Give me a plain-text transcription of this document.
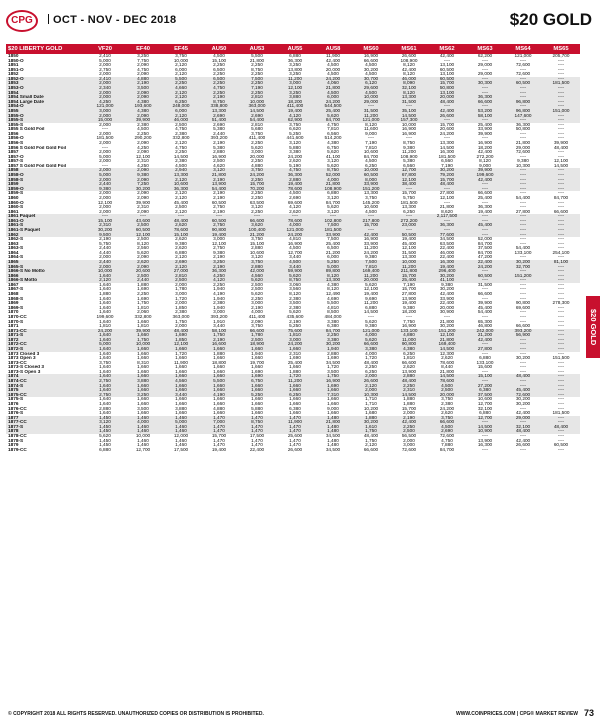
CPG	OCT - NOV - DEC 2018	$20 GOLD
$20 LIBERTY GOLD	VF20	EF40	EF45	AU50	AU53	AU55	AU58	MS60	MS61	MS62	MS63	MS64	MS65
1850	2,410	3,250	3,750	4,500	5,500	6,880	11,900	16,900	26,600	42,400	62,200	121,000	205,700
1850-O	5,000	7,750	10,000	15,100	21,800	36,300	42,400	66,600	108,900	----	----	----	----
1851	2,000	2,090	2,120	2,250	2,250	3,250	4,500	4,500	8,120	13,100	29,000	72,600	----
1851-O	2,750	4,750	6,000	6,500	8,750	13,800	20,000	30,200	42,400	60,500	----	----	----
1852	2,000	2,090	2,120	2,250	2,250	3,250	4,500	4,500	8,120	13,100	29,000	72,600	----
1852-O	2,410	4,880	5,500	6,500	7,500	11,200	24,200	30,700	46,000	60,500	----	----	----
1853	2,000	2,190	2,250	2,250	2,250	3,000	4,060	6,120	8,090	15,700	30,300	60,500	181,500
1853-O	2,340	3,500	4,660	4,750	7,190	12,100	21,800	29,600	32,100	50,800	----	----	----
1854	2,000	2,090	2,120	2,250	2,250	3,250	4,500	4,500	8,120	13,100	----	----	----
1854 Small Date	2,000	2,090	2,120	2,190	2,810	3,880	6,000	10,000	13,300	20,000	36,300	----	----
1854 Large Date	4,250	4,380	6,250	8,750	10,000	18,200	24,200	29,000	31,500	48,400	66,600	96,800	----
1854-O	121,000	193,600	248,000	338,800	363,000	411,400	544,500	----	----	----	----	----	----
1855	3,000	4,380	6,000	13,300	14,500	19,400	25,400	31,500	35,100	42,400	53,200	96,800	151,000
1855-O	2,000	2,090	2,120	2,690	2,690	4,120	5,620	11,200	14,500	26,600	58,100	147,600	----
1855-S	15,000	39,900	46,000	51,400	54,400	62,900	84,700	121,000	157,300	----	----	----	----
1855-S	2,000	2,380	2,500	2,690	2,810	3,750	4,750	8,120	10,000	15,700	25,400	36,300	----
1855 S Gold Foil	----	4,500	4,750	5,380	5,680	6,620	7,810	11,600	16,900	20,600	33,900	50,800	----
1856	2,000	2,250	2,380	2,440	3,750	5,250	6,560	9,000	16,900	24,200	39,900	----	----
1856-O	181,500	290,200	332,800	393,200	411,400	441,600	514,200	----	----	----	----	----	----
1856-S	2,000	2,090	2,120	2,190	2,250	3,120	4,380	7,190	8,750	13,300	16,900	21,800	39,900
1856 S Gold Foil Gold Foil	----	4,250	4,750	5,380	5,620	5,880	6,750	7,810	9,380	14,500	18,200	29,000	48,400
1857	2,000	2,090	2,250	2,880	3,000	3,380	5,620	10,600	11,200	16,300	42,400	72,600	----
1857-O	5,000	12,100	14,500	16,900	20,000	24,200	41,100	84,700	108,900	181,500	272,200	----	----
1857-S	2,000	2,310	2,380	2,500	2,250	2,620	3,120	4,500	5,380	6,560	8,120	9,380	12,100
1857 S Gold Foil Gold Foil	----	4,250	4,500	4,620	4,880	5,190	5,620	6,250	6,560	7,190	9,000	10,300	14,500
1858	2,000	2,090	2,940	3,120	3,750	4,750	8,750	10,000	12,700	30,200	39,900	----	----
1858-O	5,000	9,380	13,300	21,800	24,200	36,300	52,000	60,500	67,800	79,200	199,600	----	----
1858-S	2,000	2,090	2,120	2,190	2,250	2,880	4,000	8,000	12,100	15,700	42,400	----	----
1859	2,440	7,250	10,600	13,900	15,700	19,400	21,800	33,900	38,400	48,400	----	----	----
1859-O	9,380	30,200	36,300	54,400	70,200	78,600	108,900	151,200	----	----	----	----	----
1859-S	2,000	2,090	2,120	2,190	2,250	4,500	6,880	13,300	15,700	27,800	66,600	----	----
1860	2,000	2,090	2,120	2,190	2,250	2,690	3,120	3,750	5,750	12,100	25,400	54,400	84,700
1860-O	12,100	39,900	45,400	60,500	63,500	69,600	84,700	145,200	181,500	----	----	----	----
1860-S	2,000	2,310	2,500	2,750	3,120	4,120	5,620	10,600	13,300	21,800	36,300	----	----
1861	2,000	2,090	2,120	2,190	2,250	2,620	3,120	4,500	6,250	8,620	19,400	27,800	66,600
1861 Paquet	----	----	----	----	----	----	----	----	----	2,117,500	----	----	----
1861-O	15,100	43,600	48,400	60,500	66,600	78,600	102,800	217,800	272,200	----	----	----	----
1861-S	2,310	2,500	2,620	2,750	3,620	4,000	7,500	15,700	23,000	36,300	45,400	----	----
1861-S Paquet	30,200	60,500	78,600	90,800	100,400	121,000	181,500	----	----	----	----	----	----
1862	9,500	12,100	15,100	19,400	21,200	24,200	33,900	42,400	50,500	77,600	----	----	----
1862-S	2,190	2,500	2,620	3,000	3,750	4,810	7,500	16,900	19,400	34,500	52,000	----	----
1863	5,750	8,120	9,380	12,100	15,100	16,900	25,400	33,900	45,400	63,500	84,700	----	----
1863-S	2,440	2,560	2,620	2,750	2,880	4,500	6,500	11,200	12,100	22,400	37,500	54,400	----
1864	4,440	5,620	6,880	9,380	10,600	12,700	21,200	24,200	31,500	46,000	84,700	133,100	254,100
1864-S	2,000	2,090	2,120	2,190	3,120	3,440	6,000	9,380	13,300	22,400	47,200	----	----
1865	2,440	2,620	2,690	3,250	3,750	4,500	5,250	7,500	10,000	16,300	22,400	30,200	81,100
1865-S	2,000	2,090	2,120	2,190	2,880	3,440	5,000	7,810	11,200	19,400	24,200	32,700	----
1866-S No Motto	10,000	20,600	27,000	36,300	42,000	59,900	89,800	169,400	211,800	296,400	----	----	----
1866	1,640	2,500	2,810	4,250	4,560	5,620	8,120	11,200	15,700	30,200	60,500	151,200	----
1866-S Motto	2,120	2,440	2,500	4,120	5,620	8,750	13,300	20,000	25,400	41,100	----	----	----
1867	1,640	1,880	2,000	2,250	2,500	3,060	4,380	5,620	7,190	9,380	31,500	----	----
1867-S	1,640	1,690	1,780	1,940	2,500	3,560	8,120	12,100	15,700	30,200	----	----	----
1868	1,880	2,250	3,000	4,190	5,620	8,120	12,490	19,400	27,800	42,400	66,600	----	----
1868-S	1,640	1,690	1,720	1,940	2,250	2,380	4,690	9,690	13,900	33,900	----	----	----
1869	1,640	1,750	2,000	2,380	3,000	3,500	5,500	11,200	19,400	22,400	39,900	90,800	278,300
1869-S	1,640	1,810	1,850	1,940	2,190	2,380	4,810	6,880	9,380	20,000	45,400	69,600	----
1870	1,640	2,060	2,380	3,000	4,000	5,620	8,500	14,500	18,200	30,900	54,400	----	----
1870-CC	199,600	332,800	363,000	393,200	411,400	435,600	484,000	----	----	----	----	----	----
1870-S	1,640	1,660	1,750	1,910	2,090	2,190	3,380	5,620	7,750	21,800	65,300	----	----
1871	1,810	1,810	2,000	3,440	3,750	5,250	6,380	9,380	16,900	30,200	46,800	66,600	----
1871-CC	24,200	39,900	48,400	58,100	66,600	75,600	84,700	121,000	133,100	151,200	242,000	393,200	----
1871-S	1,640	1,660	1,690	1,750	1,780	1,810	2,250	4,000	4,880	12,100	21,200	56,900	----
1872	1,640	1,750	1,850	2,190	2,500	3,000	3,380	5,620	11,000	21,800	42,400	----	----
1872-CC	5,000	10,000	12,100	16,600	18,900	24,200	30,200	66,600	90,800	169,400	----	----	----
1872-S	1,640	1,660	1,660	1,660	1,660	1,660	1,940	3,380	4,380	14,500	27,800	----	----
1873 Closed 3	1,640	1,660	1,720	1,880	1,940	2,310	2,880	4,000	6,250	12,300	----	----	----
1873 Open 3	1,640	1,660	1,660	1,660	1,660	1,690	1,690	1,720	1,810	2,620	6,880	30,200	151,500
1873-CC	3,750	8,310	11,900	18,800	19,700	25,400	34,500	48,400	66,600	78,600	133,100	----	----
1873-S Closed 3	1,640	1,660	1,660	1,660	1,660	1,660	1,720	2,250	2,620	8,440	15,600	----	----
1873-S Open 3	1,640	1,660	1,660	1,660	1,690	1,880	3,500	6,250	13,900	21,800	----	----	----
1874	1,640	1,660	1,660	1,660	1,690	1,720	1,750	2,000	2,880	14,500	15,100	48,400	----
1874-CC	2,750	3,880	4,560	5,500	6,750	11,200	16,900	26,600	48,400	78,600	----	----	----
1874-S	1,640	1,660	1,660	1,660	1,660	1,660	1,690	2,120	2,250	4,500	27,200	----	----
1875	1,640	1,660	1,660	1,660	1,660	1,660	1,660	2,000	2,310	2,500	6,380	45,400	----
1875-CC	2,750	3,250	3,440	4,190	5,250	6,250	7,310	10,300	14,500	20,000	37,500	72,600	----
1875-S	1,640	1,660	1,660	1,660	1,660	1,660	1,660	1,710	1,880	3,750	10,600	30,200	----
1876	1,640	1,660	1,660	1,660	1,660	1,660	1,660	1,710	1,880	2,380	12,700	30,200	----
1876-CC	2,880	3,500	3,880	4,880	5,880	6,380	9,000	10,200	15,700	24,200	32,100	----	----
1876-S	1,640	1,660	1,660	1,660	1,660	1,660	1,660	1,680	2,000	2,620	6,880	42,400	181,500
1877	1,450	1,460	1,460	1,470	1,470	1,470	1,480	1,880	2,190	3,750	12,700	29,000	----
1877-CC	3,120	4,000	5,000	7,000	8,750	11,900	21,800	30,200	42,400	66,600	----	----	----
1877-S	1,450	1,460	1,460	1,470	1,470	1,470	1,480	1,610	2,250	4,500	14,500	32,100	48,400
1878	1,450	1,460	1,460	1,470	1,470	1,470	1,480	1,750	2,500	2,690	10,900	48,400	----
1878-CC	5,620	10,000	12,000	15,700	17,500	25,600	34,500	48,400	56,500	72,600	----	----	----
1878-S	1,450	1,460	1,460	1,470	1,470	1,470	1,480	1,750	2,000	4,750	13,900	42,400	----
1879	1,450	1,460	1,460	1,470	1,470	1,470	1,480	2,120	3,000	7,880	16,300	26,600	60,500
1879-CC	6,880	12,700	17,500	19,400	22,400	26,600	34,500	66,600	72,600	84,700	----	----	----
$20 GOLD
© COPYRIGHT 2018 ALL RIGHTS RESERVED. UNAUTHORIZED COPIES OR DISTRIBUTION IS PROHIBITED.	WWW.COINPRICES.COM | CPG® MARKET REVIEW 73
